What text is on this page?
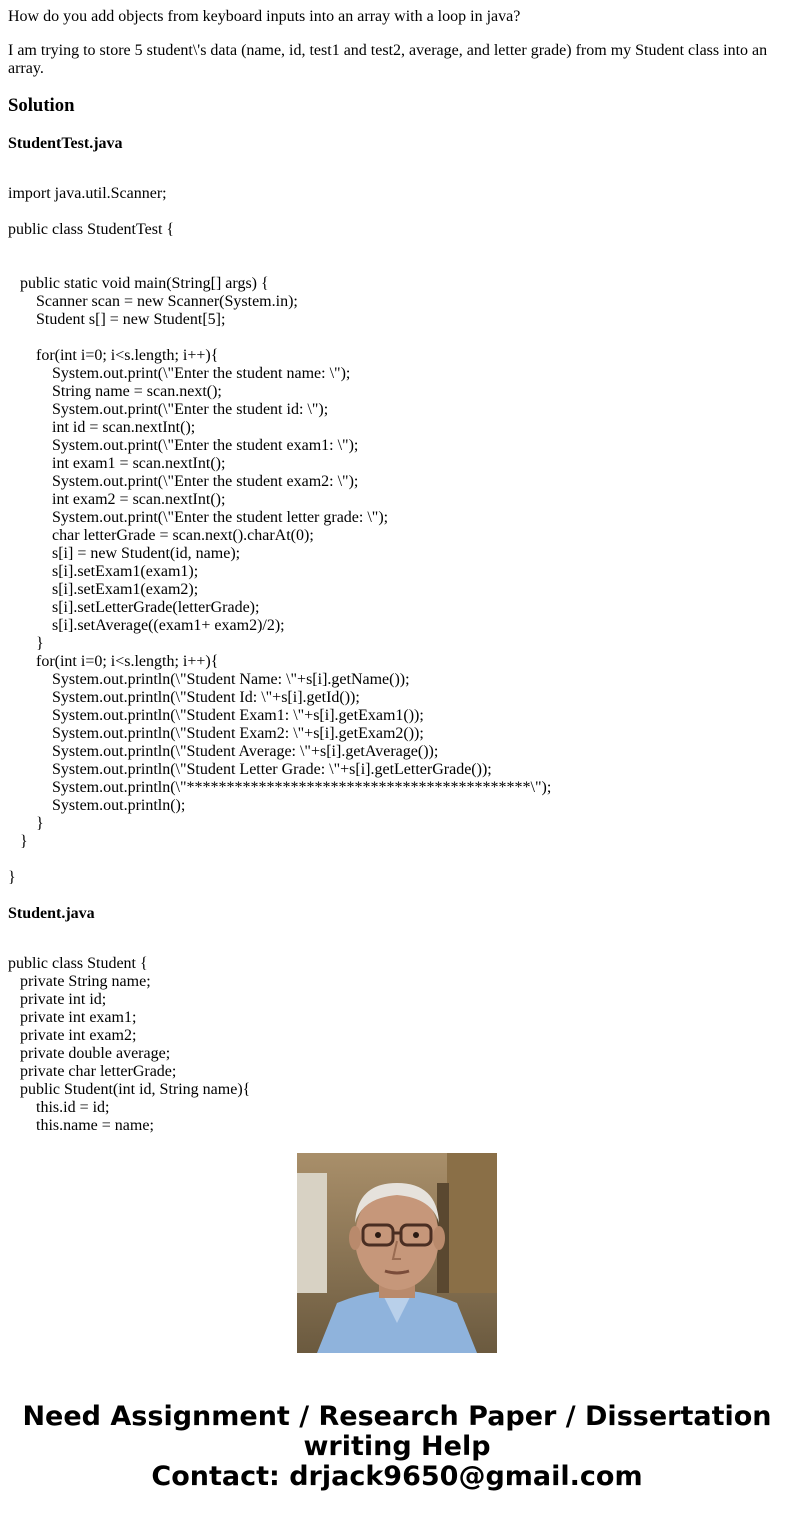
How do you add objects from keyboard inputs into an array with a loop in java?

I am trying to store 5 student\'s data (name, id, test1 and test2, average, and letter grade) from my Student class into an array.

Solution
StudentTest.java
import java.util.Scanner;
public class StudentTest {
public static void main(String[] args) {
Scanner scan = new Scanner(System.in);
Student s[] = new Student[5];
for(int i=0; i<s.length; i++){
System.out.print(\"Enter the student name: \");
String name = scan.next();
System.out.print(\"Enter the student id: \");
int id = scan.nextInt();
System.out.print(\"Enter the student exam1: \");
int exam1 = scan.nextInt();
System.out.print(\"Enter the student exam2: \");
int exam2 = scan.nextInt();
System.out.print(\"Enter the student letter grade: \");
char letterGrade = scan.next().charAt(0);
s[i] = new Student(id, name);
s[i].setExam1(exam1);
s[i].setExam1(exam2);
s[i].setLetterGrade(letterGrade);
s[i].setAverage((exam1+ exam2)/2);
}
for(int i=0; i<s.length; i++){
System.out.println(\"Student Name: \"+s[i].getName());
System.out.println(\"Student Id: \"+s[i].getId());
System.out.println(\"Student Exam1: \"+s[i].getExam1());
System.out.println(\"Student Exam2: \"+s[i].getExam2());
System.out.println(\"Student Average: \"+s[i].getAverage());
System.out.println(\"Student Letter Grade: \"+s[i].getLetterGrade());
System.out.println(\"*******************************************\");
System.out.println();
}
}
}
Student.java
public class Student {
private String name;
private int id;
private int exam1;
private int exam2;
private double average;
private char letterGrade;
public Student(int id, String name){
this.id = id;
this.name = name;
Need Assignment / Research Paper / Dissertation
writing Help
Contact: drjack9650@gmail.com
